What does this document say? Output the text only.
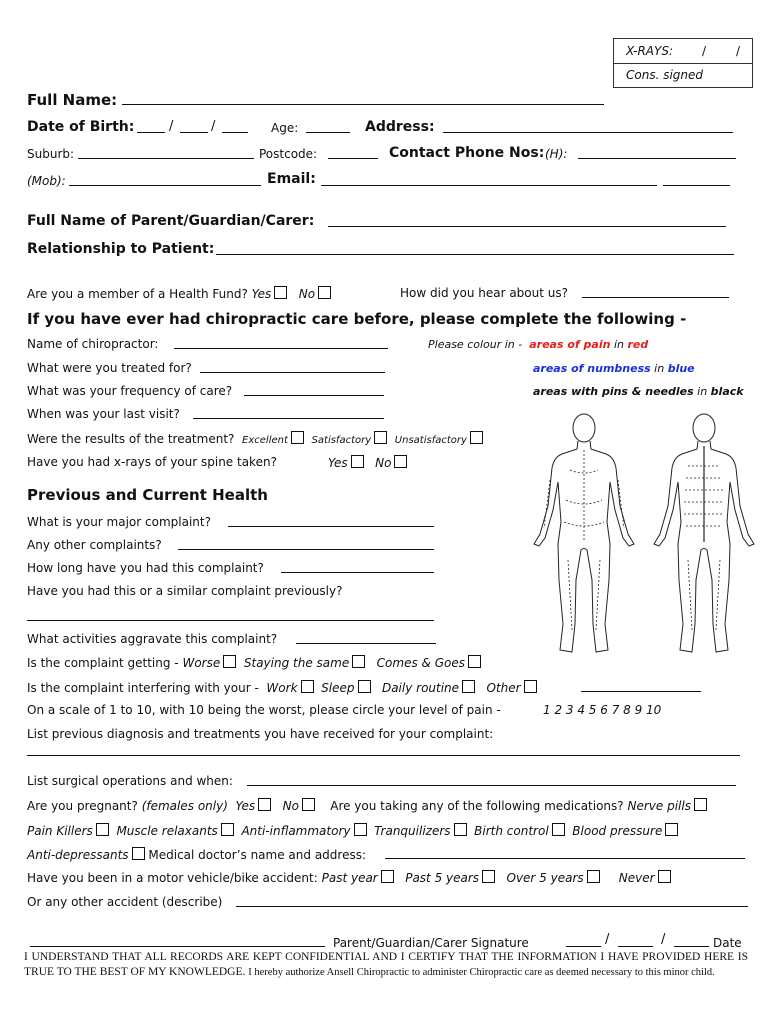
X-RAYS: / /
Cons. signed
Full Name:
Date of Birth:	/	/	Age:	Address:
Suburb:	Postcode:	Contact Phone Nos: (H):
(Mob):	Email:
Full Name of Parent/Guardian/Carer:
Relationship to Patient:
Are you a member of a Health Fund? Yes No	How did you hear about us?
If you have ever had chiropractic care before, please complete the following -
Name of chiropractor:
What were you treated for?
What was your frequency of care?
When was your last visit?
Were the results of the treatment? Excellent Satisfactory Unsatisfactory
Have you had x-rays of your spine taken?	Yes No
Please colour in - areas of pain in red
areas of numbness in blue
areas with pins & needles in black
Previous and Current Health
What is your major complaint?
Any other complaints?
How long have you had this complaint?
Have you had this or a similar complaint previously?
What activities aggravate this complaint?
Is the complaint getting - Worse Staying the same Comes & Goes
Is the complaint interfering with your - Work Sleep Daily routine Other
On a scale of 1 to 10, with 10 being the worst, please circle your level of pain -	1 2 3 4 5 6 7 8 9 10
List previous diagnosis and treatments you have received for your complaint:
List surgical operations and when:
Are you pregnant? (females only) Yes No	Are you taking any of the following medications? Nerve pills
Pain Killers Muscle relaxants Anti-inflammatory Tranquilizers Birth control Blood pressure
Anti-depressants Medical doctor’s name and address:
Have you been in a motor vehicle/bike accident: Past year Past 5 years Over 5 years	Never
Or any other accident (describe)
Parent/Guardian/Carer Signature	/	/	Date
I UNDERSTAND THAT ALL RECORDS ARE KEPT CONFIDENTIAL AND I CERTIFY THAT THE INFORMATION I HAVE PROVIDED HERE IS TRUE TO THE BEST OF MY KNOWLEDGE. I hereby authorize Ansell Chiropractic to administer Chiropractic care as deemed necessary to this minor child.
